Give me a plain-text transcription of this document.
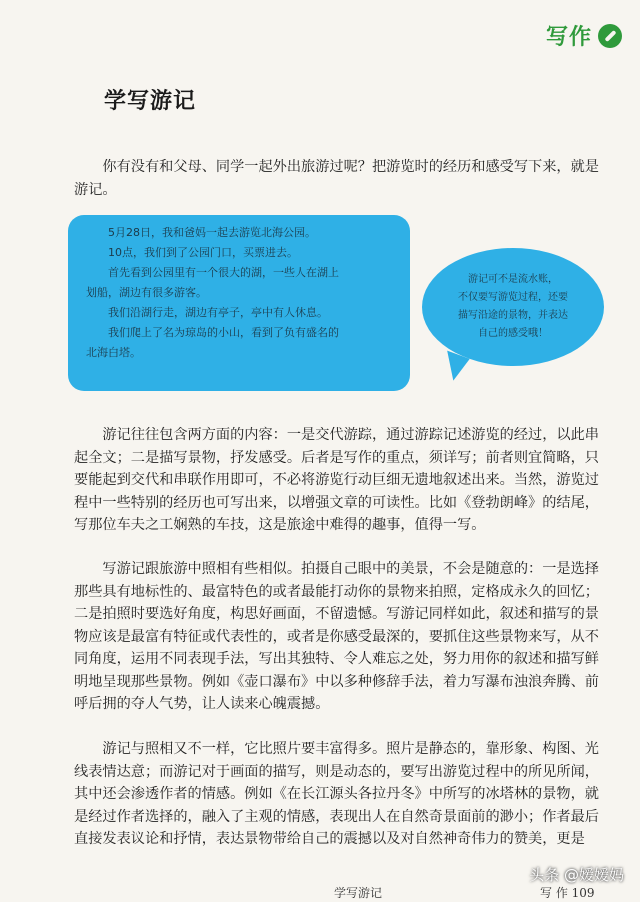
写作
学写游记

你有没有和父母、同学一起外出旅游过呢？把游览时的经历和感受写下来，就是游记。

5月28日，我和爸妈一起去游览北海公园。

10点，我们到了公园门口，买票进去。

首先看到公园里有一个很大的湖，一些人在湖上

划船，湖边有很多游客。

我们沿湖行走，湖边有亭子，亭中有人休息。

我们爬上了名为琼岛的小山，看到了负有盛名的

北海白塔。

游记可不是流水账，

不仅要写游览过程，还要

描写沿途的景物，并表达

自己的感受哦！

游记往往包含两方面的内容：一是交代游踪，通过游踪记述游览的经过，以此串起全文；二是描写景物，抒发感受。后者是写作的重点，须详写；前者则宜简略，只要能起到交代和串联作用即可，不必将游览行动巨细无遗地叙述出来。当然，游览过程中一些特别的经历也可写出来，以增强文章的可读性。比如《登勃朗峰》的结尾，写那位车夫之工娴熟的车技，这是旅途中难得的趣事，值得一写。

写游记跟旅游中照相有些相似。拍摄自己眼中的美景，不会是随意的：一是选择那些具有地标性的、最富特色的或者最能打动你的景物来拍照，定格成永久的回忆；二是拍照时要选好角度，构思好画面，不留遗憾。写游记同样如此，叙述和描写的景物应该是最富有特征或代表性的，或者是你感受最深的，要抓住这些景物来写，从不同角度，运用不同表现手法，写出其独特、令人难忘之处，努力用你的叙述和描写鲜明地呈现那些景物。例如《壶口瀑布》中以多种修辞手法，着力写瀑布浊浪奔腾、前呼后拥的夺人气势，让人读来心魄震撼。

游记与照相又不一样，它比照片要丰富得多。照片是静态的，靠形象、构图、光线表情达意；而游记对于画面的描写，则是动态的，要写出游览过程中的所见所闻，其中还会渗透作者的情感。例如《在长江源头各拉丹冬》中所写的冰塔林的景物，就是经过作者选择的，融入了主观的情感，表现出人在自然奇景面前的渺小；作者最后直接发表议论和抒情，表达景物带给自己的震撼以及对自然神奇伟力的赞美，更是

学写游记	写 作 109
头条 @嫒嫒妈
